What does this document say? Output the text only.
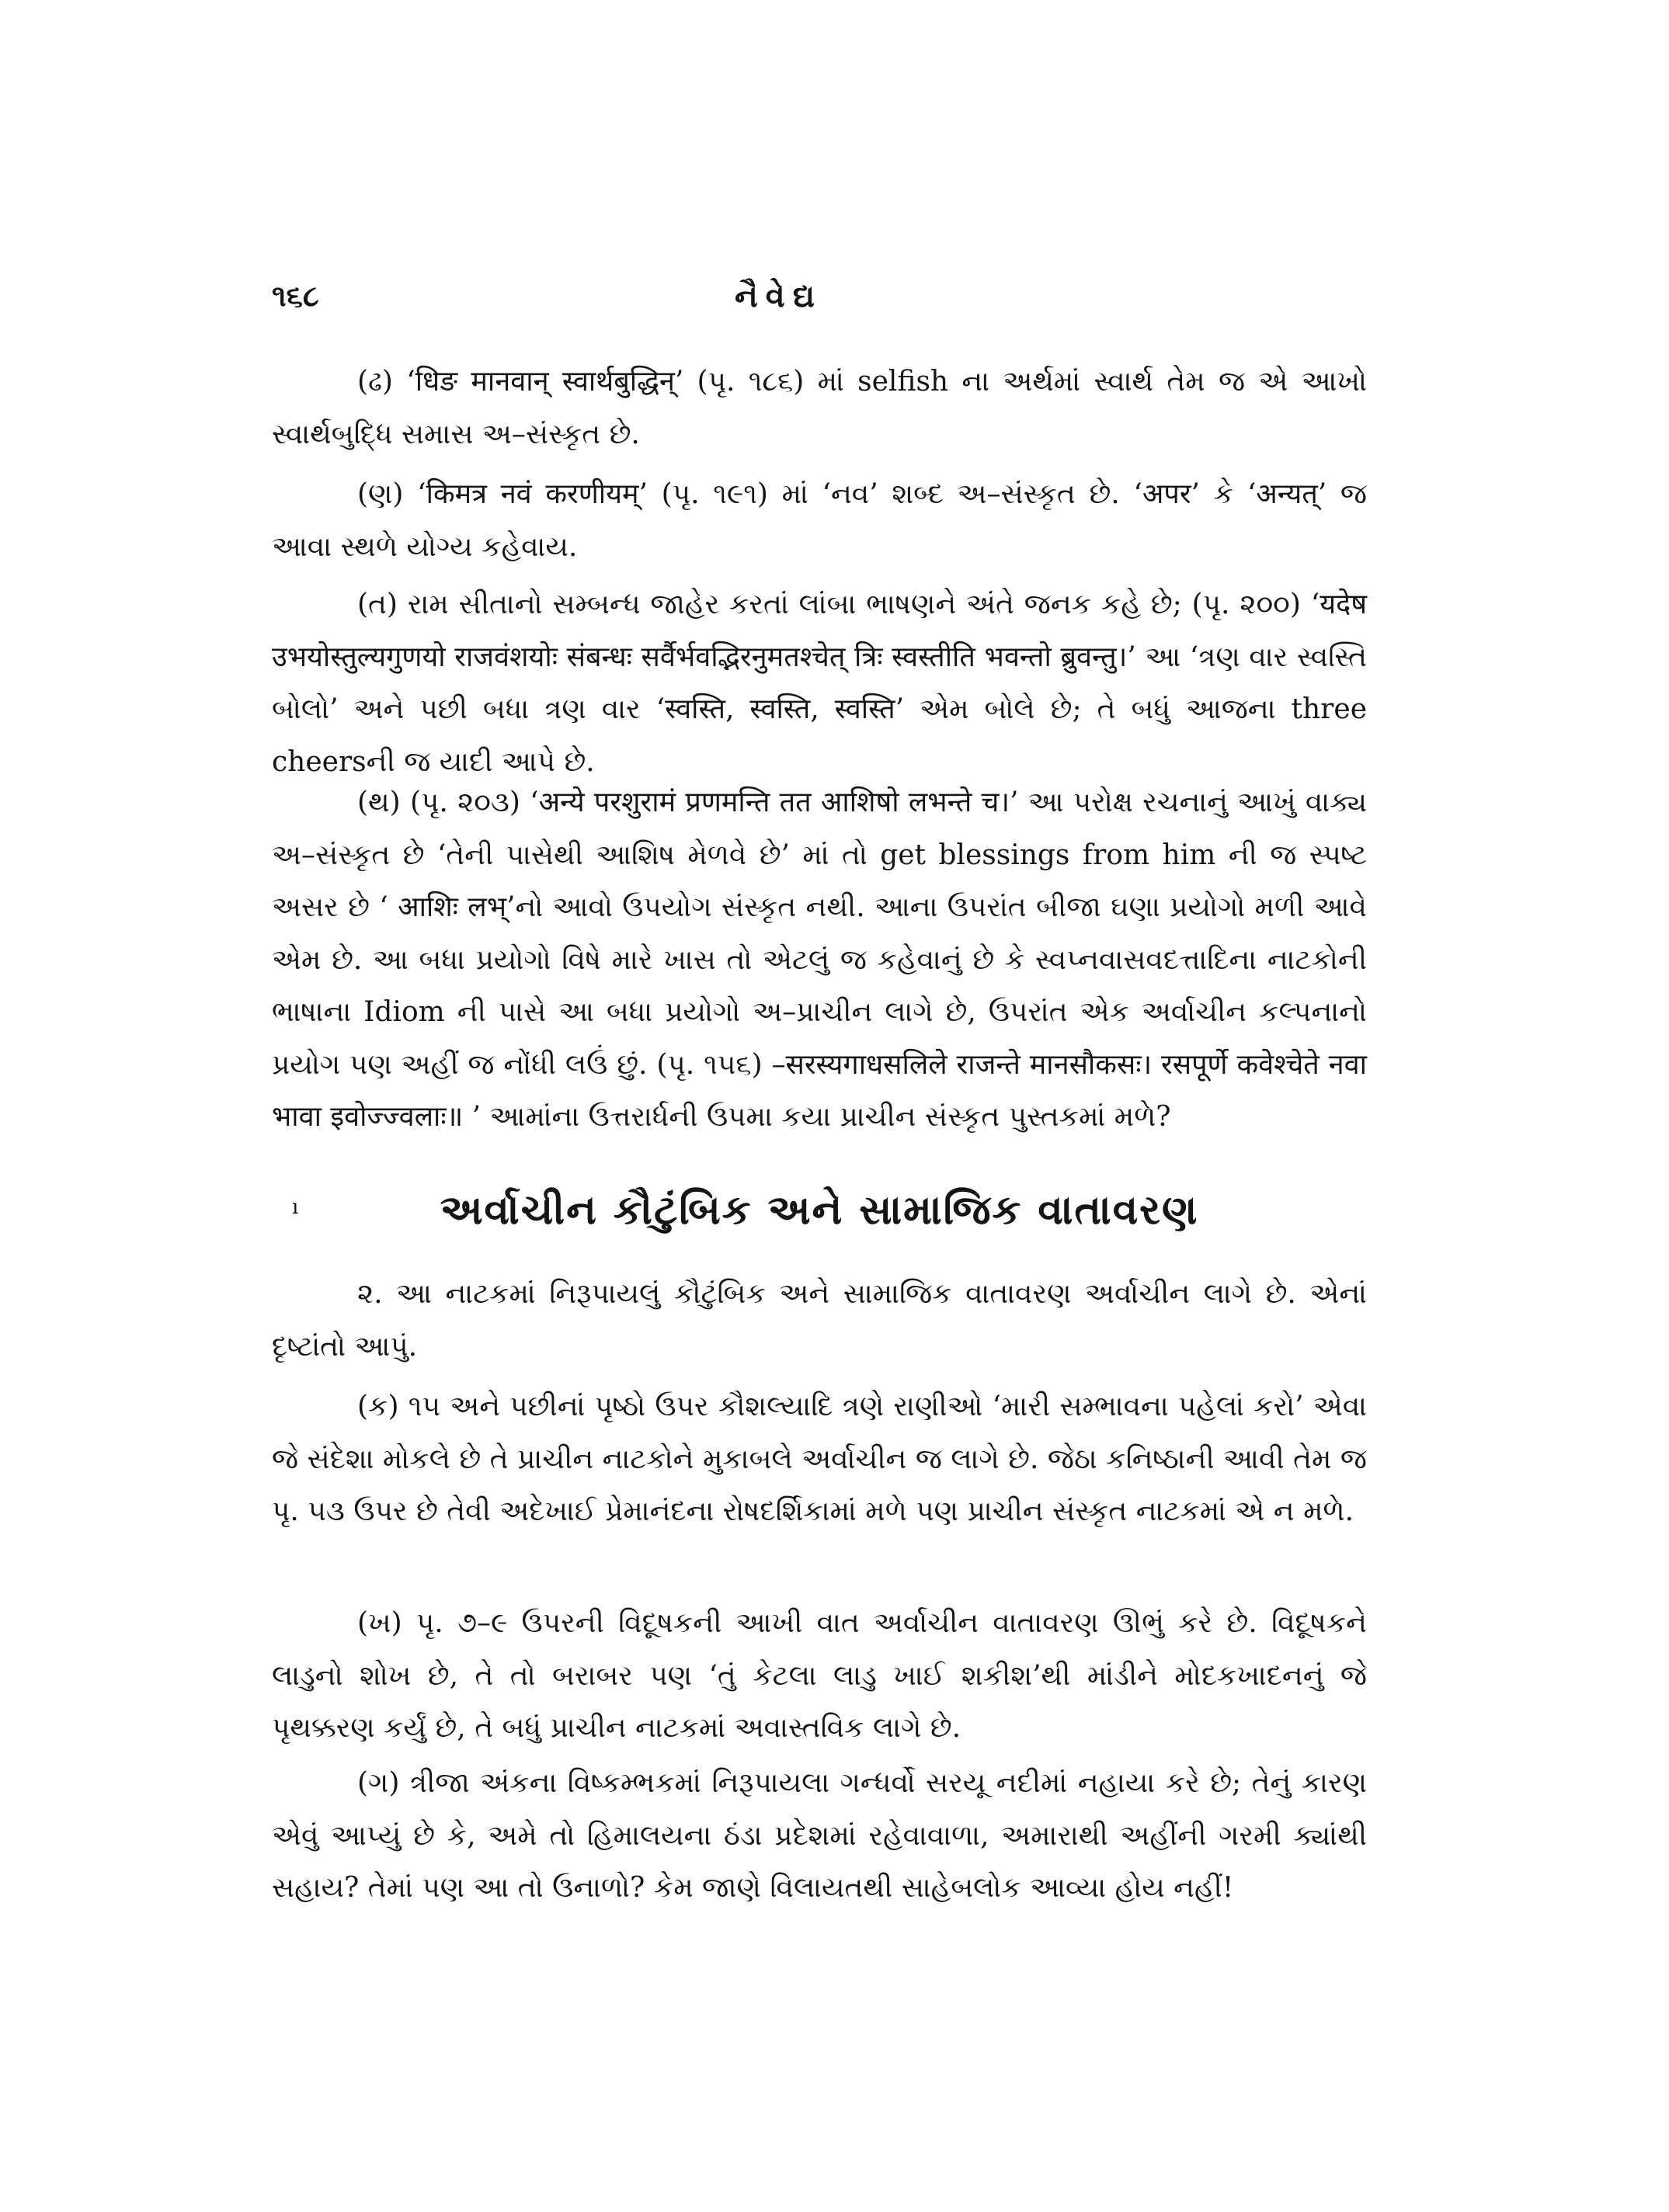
૧૬૮	નૈવેદ્ય

(ઢ) ‘धिङ मानवान् स्वार्थबुद्धिन्’ (પૃ. ૧૮૬) માં selfish ના અર્થમાં સ્વાર્થ તેમ જ એ આખો સ્વાર્થબુદ્ધિ સમાસ અ–સંસ્કૃત છે.

(ણ) ‘किमत्र नवं करणीयम्’ (પૃ. ૧૯૧) માં ‘નવ’ શબ્દ અ–સંસ્કૃત છે. ‘अपर’ કે ‘अन्यत्’ જ આવા સ્થળે યોગ્ય કહેવાય.

(ત) રામ સીતાનો સમ્બન્ધ જાહેર કરતાં લાંબા ભાષણને અંતે જનક કહે છે; (પૃ. ૨૦૦) ‘यदेष उभयोस्तुल्यगुणयो राजवंशयोः संबन्धः सर्वैर्भवद्भिरनुमतश्चेत् त्रिः स्वस्तीति भवन्तो ब्रुवन्तु।’ આ ‘ત્રણ વાર સ્વસ્તિ બોલો’ અને પછી બધા ત્રણ વાર ‘स्वस्ति, स्वस्ति, स्वस्ति’ એમ બોલે છે; તે બધું આજના three cheersની જ યાદી આપે છે.

(થ) (પૃ. ૨૦૩) ‘अन्ये परशुरामं प्रणमन्ति तत आशिषो लभन्ते च।’ આ પરોક્ષ રચનાનું આખું વાક્ય અ–સંસ્કૃત છે ‘તેની પાસેથી આશિષ મેળવે છે’ માં તો get blessings from him ની જ સ્પષ્ટ અસર છે ‘ आशिः लभ्’નો આવો ઉપયોગ સંસ્કૃત નથી. આના ઉપરાંત બીજા ઘણા પ્રયોગો મળી આવે એમ છે. આ બધા પ્રયોગો વિષે મારે ખાસ તો એટલું જ કહેવાનું છે કે સ્વપ્નવાસવદત્તાદિના નાટકોની ભાષાના Idiom ની પાસે આ બધા પ્રયોગો અ–પ્રાચીન લાગે છે, ઉપરાંત એક અર્વાચીન કલ્પનાનો પ્રયોગ પણ અહીં જ નોંધી લઉં છું. (પૃ. ૧૫૬) –सरस्यगाधसलिले राजन्ते मानसौकसः। रसपूर्णे कवेश्चेते नवा भावा इवोज्ज्वलाः॥ ’ આમાંના ઉત્તરાર્ધની ઉપમા કયા પ્રાચીન સંસ્કૃત પુસ્તકમાં મળે?

ı	અર્વાચીન કૌટુંબિક અને સામાજિક વાતાવરણ

૨. આ નાટકમાં નિરૂપાયલું કૌટુંબિક અને સામાજિક વાતાવરણ અર્વાચીન લાગે છે. એનાં દૃષ્ટાંતો આપું.

(ક) ૧૫ અને પછીનાં પૃષ્ઠો ઉપર કૌશલ્યાદિ ત્રણે રાણીઓ ‘મારી સમ્ભાવના પહેલાં કરો’ એવા જે સંદેશા મોકલે છે તે પ્રાચીન નાટકોને મુકાબલે અર્વાચીન જ લાગે છે. જેઠા કનિષ્ઠાની આવી તેમ જ પૃ. ૫૩ ઉપર છે તેવી અદેખાઈ પ્રેમાનંદના રોષદર્શિકામાં મળે પણ પ્રાચીન સંસ્કૃત નાટકમાં એ ન મળે.

(ખ) પૃ. ૭–૯ ઉપરની વિદૂષકની આખી વાત અર્વાચીન વાતાવરણ ઊભું કરે છે. વિદૂષકને લાડુનો શોખ છે, તે તો બરાબર પણ ‘તું કેટલા લાડુ ખાઈ શકીશ’થી માંડીને મોદકખાદનનું જે પૃથક્કરણ કર્યું છે, તે બધું પ્રાચીન નાટકમાં અવાસ્તવિક લાગે છે.

(ગ) ત્રીજા અંકના વિષ્કમ્ભકમાં નિરૂપાયલા ગન્ધર્વો સરયૂ નદીમાં નહાયા કરે છે; તેનું કારણ એવું આપ્યું છે કે, અમે તો હિમાલયના ઠંડા પ્રદેશમાં રહેવાવાળા, અમારાથી અહીંની ગરમી ક્યાંથી સહાય? તેમાં પણ આ તો ઉનાળો? કેમ જાણે વિલાયતથી સાહેબલોક આવ્યા હોય નહીં!
